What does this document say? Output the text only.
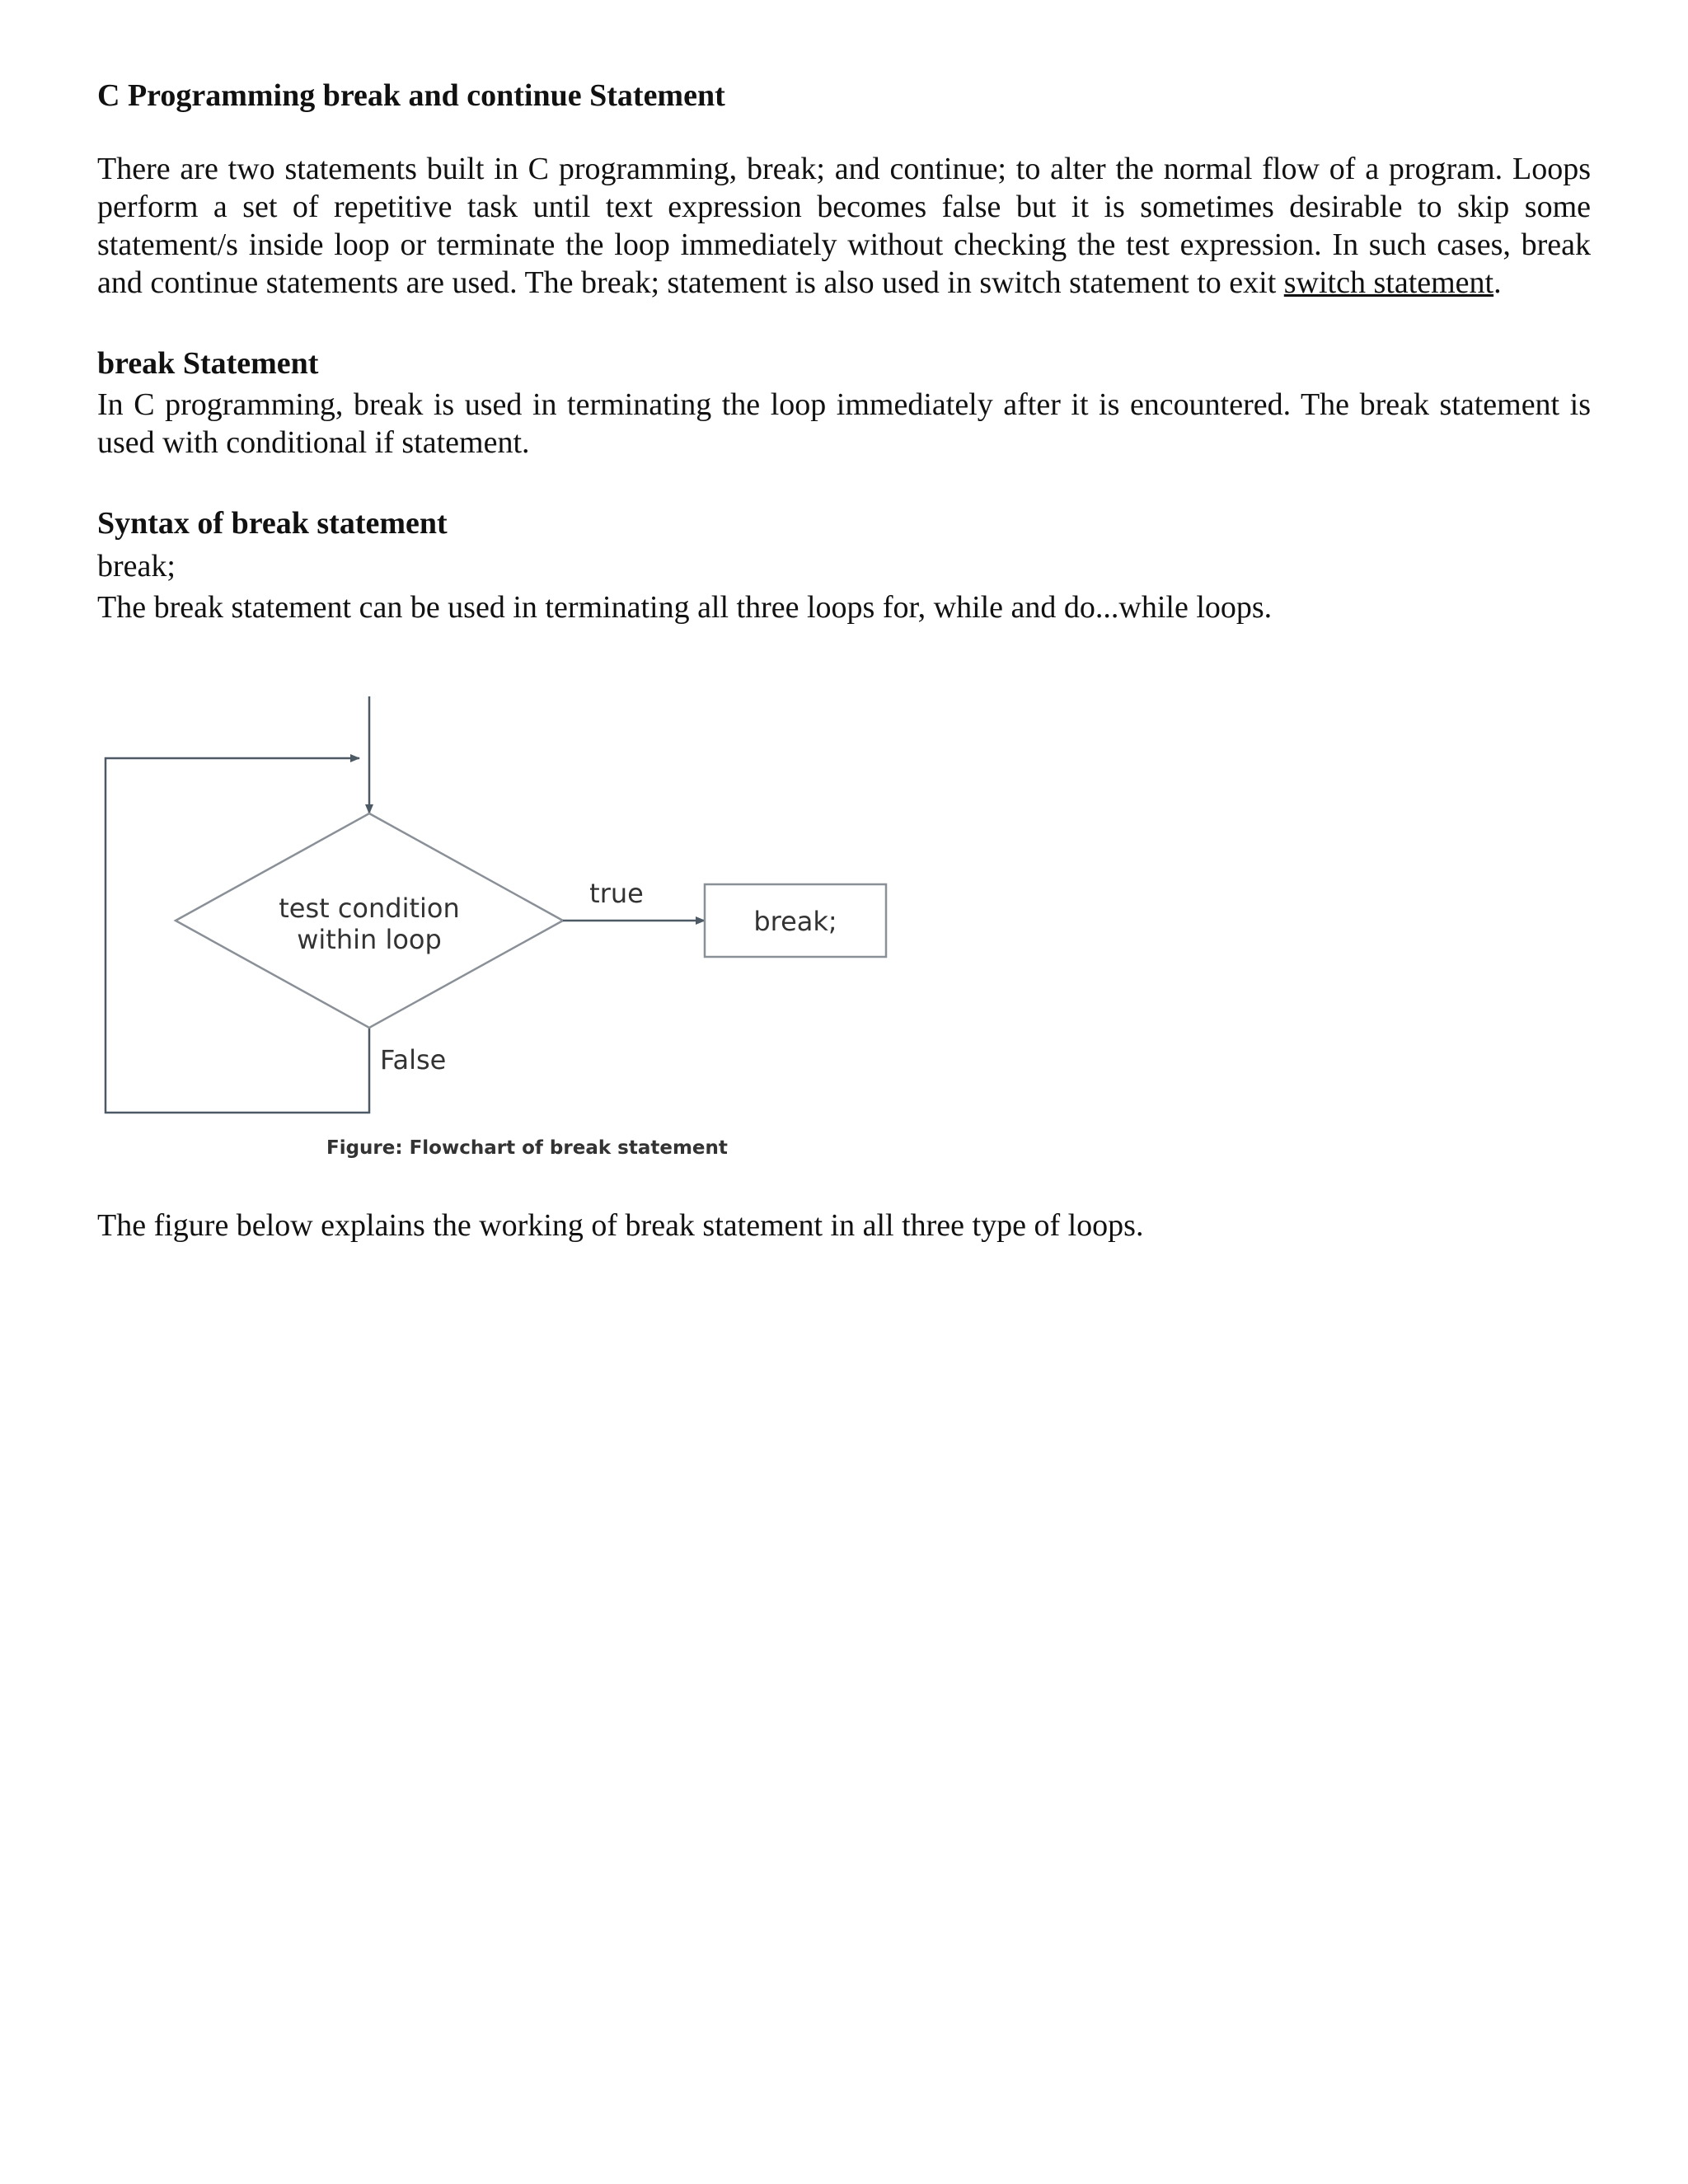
C Programming break and continue Statement

There are two statements built in C programming, break; and continue; to alter the normal flow of a program. Loops perform a set of repetitive task until text expression becomes false but it is sometimes desirable to skip some statement/s inside loop or terminate the loop immediately without checking the test expression. In such cases, break and continue statements are used. The break; statement is also used in switch statement to exit switch statement.

break Statement

In C programming, break is used in terminating the loop immediately after it is encountered. The break statement is used with conditional if statement.

Syntax of break statement

break;

The break statement can be used in terminating all three loops for, while and do...while loops.

test condition
within loop
true
break;
False
Figure: Flowchart of break statement

The figure below explains the working of break statement in all three type of loops.
